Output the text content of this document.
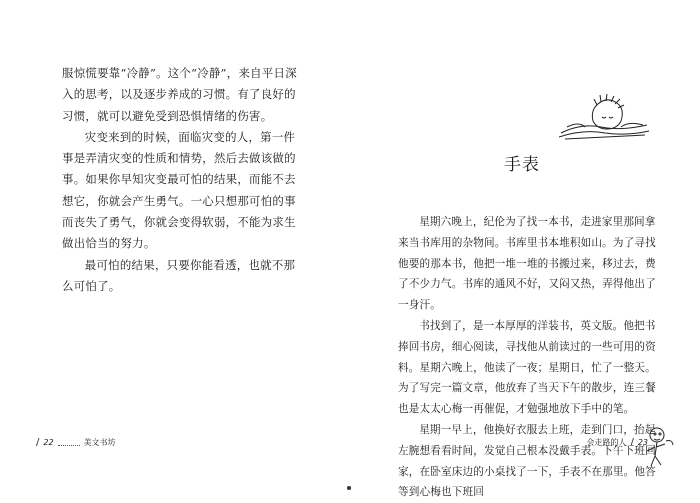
服惊慌要靠“冷静”。这个“冷静”，来自平日深入的思考，以及逐步养成的习惯。有了良好的习惯，就可以避免受到恐惧情绪的伤害。

灾变来到的时候，面临灾变的人，第一件事是弄清灾变的性质和情势，然后去做该做的事。如果你早知灾变最可怕的结果，而能不去想它，你就会产生勇气。一心只想那可怕的事而丧失了勇气，你就会变得软弱，不能为求生做出恰当的努力。

最可怕的结果，只要你能看透，也就不那么可怕了。

/ 22	美文书坊
手表

星期六晚上，纪伦为了找一本书，走进家里那间拿来当书库用的杂物间。书库里书本堆积如山。为了寻找他要的那本书，他把一堆一堆的书搬过来，移过去，费了不少力气。书库的通风不好，又闷又热，弄得他出了一身汗。

书找到了，是一本厚厚的洋装书，英文版。他把书捧回书房，细心阅读，寻找他从前读过的一些可用的资料。星期六晚上，他读了一夜；星期日，忙了一整天。为了写完一篇文章，他放弃了当天下午的散步，连三餐也是太太心梅一再催促，才勉强地放下手中的笔。

星期一早上，他换好衣服去上班，走到门口，抬起左腕想看看时间，发觉自己根本没戴手表。下午下班回家，在卧室床边的小桌找了一下，手表不在那里。他答等到心梅也下班回

会走路的人 / 23
